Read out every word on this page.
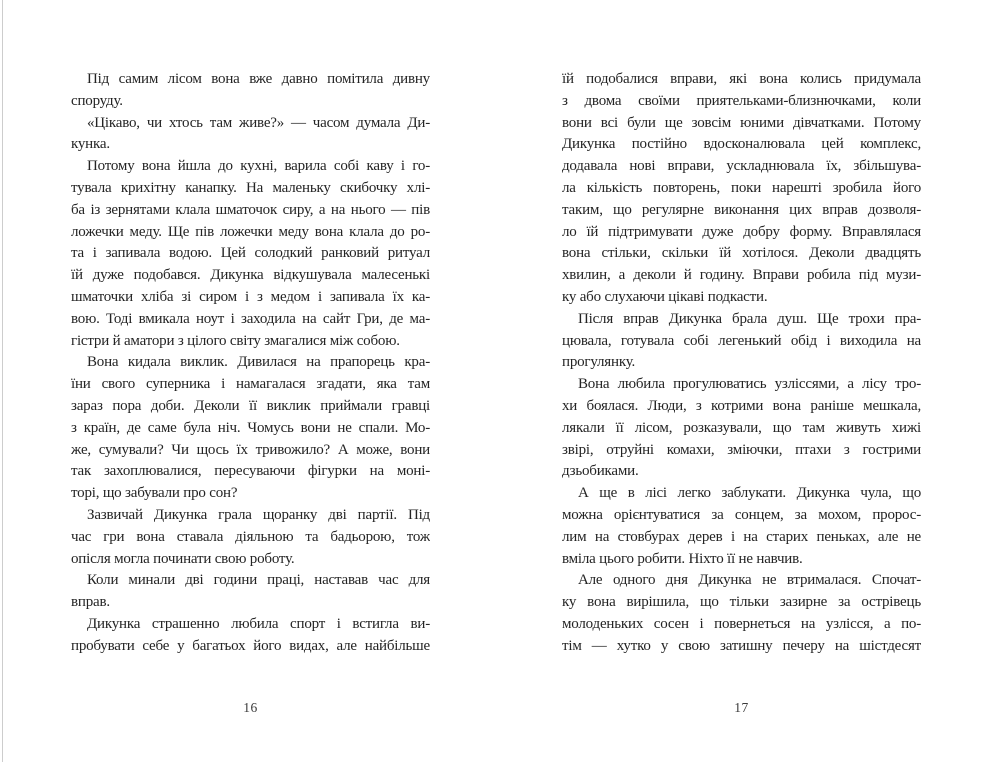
Під самим лісом вона вже давно помітила дивну
споруду.
«Цікаво, чи хтось там живе?» — часом думала Ди-
кунка.
Потому вона йшла до кухні, варила собі каву і го-
тувала крихітну канапку. На маленьку скибочку хлі-
ба із зернятами клала шматочок сиру, а на нього — пів
ложечки меду. Ще пів ложечки меду вона клала до ро-
та і запивала водою. Цей солодкий ранковий ритуал
їй дуже подобався. Дикунка відкушувала малесенькі
шматочки хліба зі сиром і з медом і запивала їх ка-
вою. Тоді вмикала ноут і заходила на сайт Гри, де ма-
гістри й аматори з цілого світу змагалися між собою.
Вона кидала виклик. Дивилася на прапорець кра-
їни свого суперника і намагалася згадати, яка там
зараз пора доби. Деколи її виклик приймали гравці
з країн, де саме була ніч. Чомусь вони не спали. Мо-
же, сумували? Чи щось їх тривожило? А може, вони
так захоплювалися, пересуваючи фігурки на моні-
торі, що забували про сон?
Зазвичай Дикунка грала щоранку дві партії. Під
час гри вона ставала діяльною та бадьорою, тож
опісля могла починати свою роботу.
Коли минали дві години праці, наставав час для
вправ.
Дикунка страшенно любила спорт і встигла ви-
пробувати себе у багатьох його видах, але найбільше
16
їй подобалися вправи, які вона колись придумала
з двома своїми приятельками-близнючками, коли
вони всі були ще зовсім юними дівчатками. Потому
Дикунка постійно вдосконалювала цей комплекс,
додавала нові вправи, ускладнювала їх, збільшува-
ла кількість повторень, поки нарешті зробила його
таким, що регулярне виконання цих вправ дозволя-
ло їй підтримувати дуже добру форму. Вправлялася
вона стільки, скільки їй хотілося. Деколи двадцять
хвилин, а деколи й годину. Вправи робила під музи-
ку або слухаючи цікаві подкасти.
Після вправ Дикунка брала душ. Ще трохи пра-
цювала, готувала собі легенький обід і виходила на
прогулянку.
Вона любила прогулюватись узліссями, а лісу тро-
хи боялася. Люди, з котрими вона раніше мешкала,
лякали її лісом, розказували, що там живуть хижі
звірі, отруйні комахи, зміючки, птахи з гострими
дзьобиками.
А ще в лісі легко заблукати. Дикунка чула, що
можна орієнтуватися за сонцем, за мохом, пророс-
лим на стовбурах дерев і на старих пеньках, але не
вміла цього робити. Ніхто її не навчив.
Але одного дня Дикунка не втрималася. Спочат-
ку вона вирішила, що тільки зазирне за острівець
молоденьких сосен і повернеться на узлісся, а по-
тім — хутко у свою затишну печеру на шістдесят
17
